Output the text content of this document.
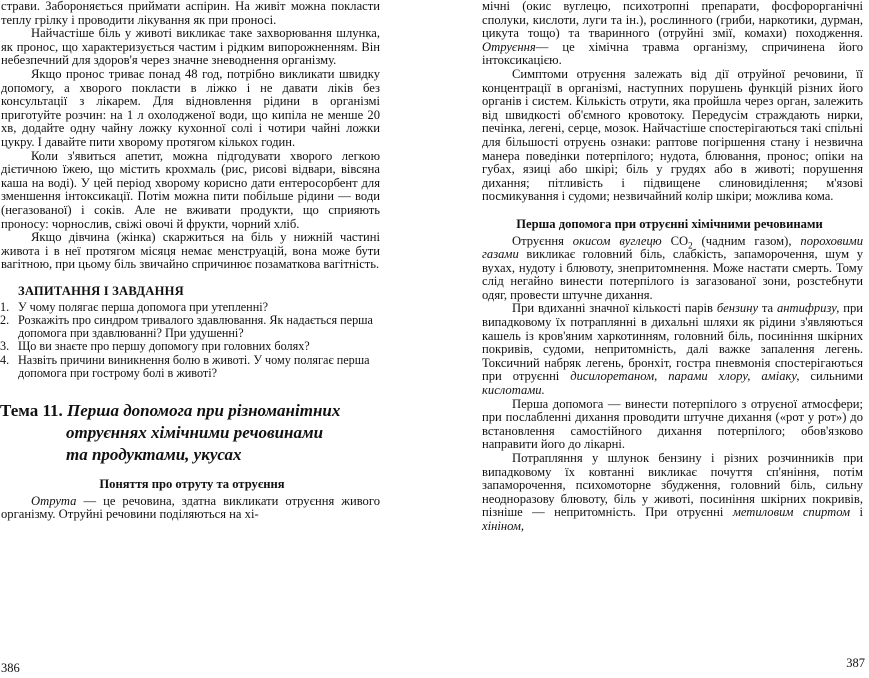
страви. Забороняється приймати аспірин. На живіт можна покласти теплу грілку і проводити лікування як при проносі.

Найчастіше біль у животі викликає таке захворювання шлунка, як пронос, що характеризується частим і рідким випорожненням. Він небезпечний для здоров'я через значне зневоднення організму.

Якщо пронос триває понад 48 год, потрібно викликати швидку допомогу, а хворого покласти в ліжко і не давати ліків без консультації з лікарем. Для відновлення рідини в організмі приготуйте розчин: на 1 л охолодженої води, що кипіла не менше 20 хв, додайте одну чайну ложку кухонної солі і чотири чайні ложки цукру. І давайте пити хворому протягом кількох годин.

Коли з'явиться апетит, можна підгодувати хворого легкою дієтичною їжею, що містить крохмаль (рис, рисові відвари, вівсяна каша на воді). У цей період хворому корисно дати ентеросорбент для зменшення інтоксикації. Потім можна пити побільше рідини — води (негазованої) і соків. Але не вживати продукти, що сприяють проносу: чорнослив, свіжі овочі й фрукти, чорний хліб.

Якщо дівчина (жінка) скаржиться на біль у нижній частині живота і в неї протягом місяця немає менструацій, вона може бути вагітною, при цьому біль звичайно спричинює позаматкова вагітність.

ЗАПИТАННЯ І ЗАВДАННЯ
1. У чому полягає перша допомога при утепленні?
2. Розкажіть про синдром тривалого здавлювання. Як надається перша допомога при здавлюванні? При удушенні?
3. Що ви знаєте про першу допомогу при головних болях?
4. Назвіть причини виникнення болю в животі. У чому полягає перша допомога при гострому болі в животі?
Тема 11. Перша допомога при різноманітних
отруєннях хімічними речовинами
та продуктами, укусах
Поняття про отруту та отруєння

Отрута — це речовина, здатна викликати отруєння живого організму. Отруйні речовини поділяються на хі-

386

мічні (окис вуглецю, психотропні препарати, фосфорорганічні сполуки, кислоти, луги та ін.), рослинного (гриби, наркотики, дурман, цикута тощо) та тваринного (отруйні змії, комахи) походження. Отруєння— це хімічна травма організму, спричинена його інтоксикацією.

Симптоми отруєння залежать від дії отруйної речовини, її концентрації в організмі, наступних порушень функцій різних його органів і систем. Кількість отрути, яка пройшла через орган, залежить від швидкості об'ємного кровотоку. Передусім страждають нирки, печінка, легені, серце, мозок. Найчастіше спостерігаються такі спільні для більшості отруєнь ознаки: раптове погіршення стану і незвична манера поведінки потерпілого; нудота, блювання, пронос; опіки на губах, язиці або шкірі; біль у грудях або в животі; порушення дихання; пітливість і підвищене слиновиділення; м'язові посмикування і судоми; незвичайний колір шкіри; можлива кома.

Перша допомога при отруєнні хімічними речовинами

Отруєння окисом вуглецю $CO_2$ (чадним газом), пороховими газами викликає головний біль, слабкість, запаморочення, шум у вухах, нудоту і блювоту, знепритомнення. Може настати смерть. Тому слід негайно винести потерпілого із загазованої зони, розстебнути одяг, провести штучне дихання.

При вдиханні значної кількості парів бензину та антифризу, при випадковому їх потраплянні в дихальні шляхи як рідини з'являються кашель із кров'яним харкотинням, головний біль, посиніння шкірних покривів, судоми, непритомність, далі важке запалення легень. Токсичний набряк легень, бронхіт, гостра пневмонія спостерігаються при отруєнні дисилоретаном, парами хлору, аміаку, сильними кислотами.

Перша допомога — винести потерпілого з отруєної атмосфери; при послабленні дихання проводити штучне дихання («рот у рот») до встановлення самостійного дихання потерпілого; обов'язково направити його до лікарні.

Потрапляння у шлунок бензину і різних розчинників при випадковому їх ковтанні викликає почуття сп'яніння, потім запаморочення, психомоторне збудження, головний біль, сильну неодноразову блювоту, біль у животі, посиніння шкірних покривів, пізніше — непритомність. При отруєнні метиловим спиртом і хініном,

387
